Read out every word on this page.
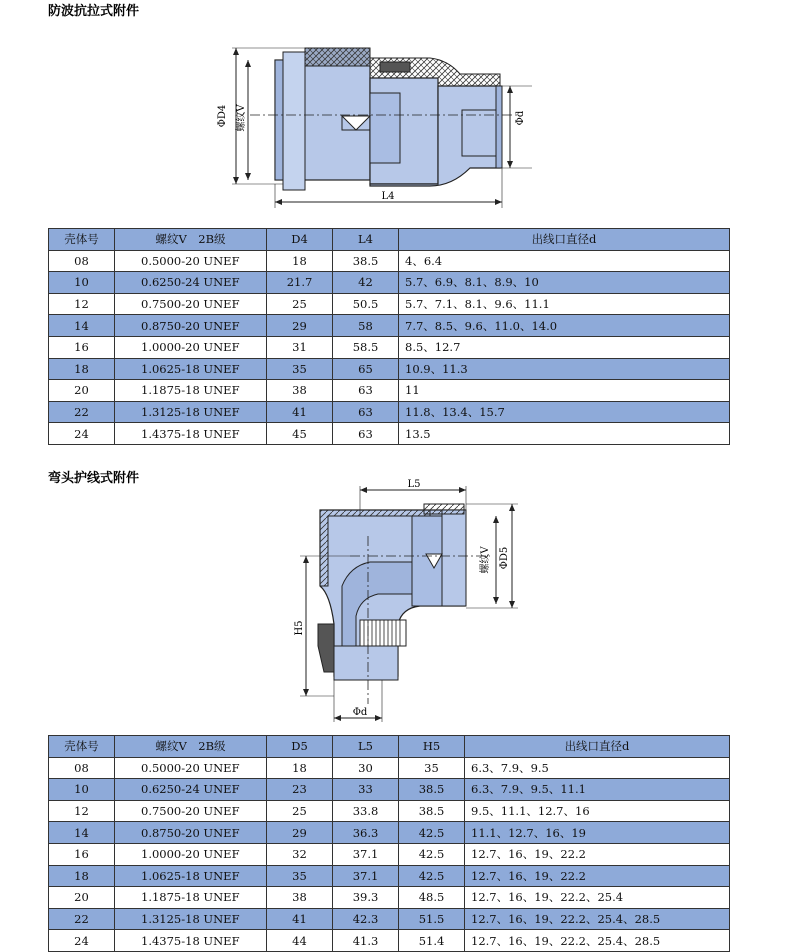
防波抗拉式附件
ΦD4 螺纹V	Φd
L4
壳体号	螺纹V　2B级	D4	L4	出线口直径d
08	0.5000-20 UNEF	18	38.5	4、6.4
10	0.6250-24 UNEF	21.7	42	5.7、6.9、8.1、8.9、10
12	0.7500-20 UNEF	25	50.5	5.7、7.1、8.1、9.6、11.1
14	0.8750-20 UNEF	29	58	7.7、8.5、9.6、11.0、14.0
16	1.0000-20 UNEF	31	58.5	8.5、12.7
18	1.0625-18 UNEF	35	65	10.9、11.3
20	1.1875-18 UNEF	38	63	11
22	1.3125-18 UNEF	41	63	11.8、13.4、15.7
24	1.4375-18 UNEF	45	63	13.5
弯头护线式附件	L5
螺纹V ΦD5
H5
Φd
壳体号	螺纹V　2B级	D5	L5	H5	出线口直径d
08	0.5000-20 UNEF	18	30	35	6.3、7.9、9.5
10	0.6250-24 UNEF	23	33	38.5	6.3、7.9、9.5、11.1
12	0.7500-20 UNEF	25	33.8	38.5	9.5、11.1、12.7、16
14	0.8750-20 UNEF	29	36.3	42.5	11.1、12.7、16、19
16	1.0000-20 UNEF	32	37.1	42.5	12.7、16、19、22.2
18	1.0625-18 UNEF	35	37.1	42.5	12.7、16、19、22.2
20	1.1875-18 UNEF	38	39.3	48.5	12.7、16、19、22.2、25.4
22	1.3125-18 UNEF	41	42.3	51.5	12.7、16、19、22.2、25.4、28.5
24	1.4375-18 UNEF	44	41.3	51.4	12.7、16、19、22.2、25.4、28.5
